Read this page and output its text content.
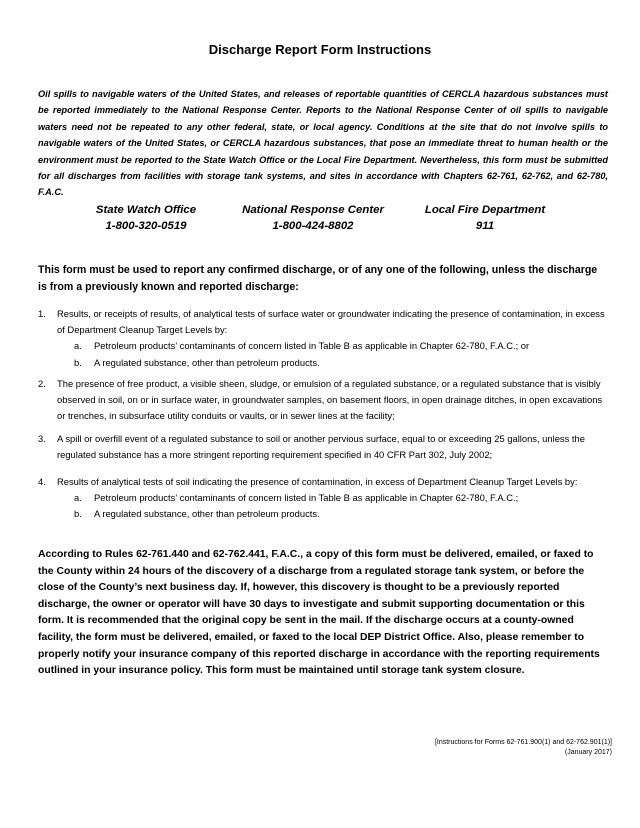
Discharge Report Form Instructions
Oil spills to navigable waters of the United States, and releases of reportable quantities of CERCLA hazardous substances must be reported immediately to the National Response Center. Reports to the National Response Center of oil spills to navigable waters need not be repeated to any other federal, state, or local agency. Conditions at the site that do not involve spills to navigable waters of the United States, or CERCLA hazardous substances, that pose an immediate threat to human health or the environment must be reported to the State Watch Office or the Local Fire Department. Nevertheless, this form must be submitted for all discharges from facilities with storage tank systems, and sites in accordance with Chapters 62-761, 62-762, and 62-780, F.A.C.
State Watch Office
1-800-320-0519
National Response Center
1-800-424-8802
Local Fire Department
911
This form must be used to report any confirmed discharge, or of any one of the following, unless the discharge is from a previously known and reported discharge:
1. Results, or receipts of results, of analytical tests of surface water or groundwater indicating the presence of contamination, in excess of Department Cleanup Target Levels by:
a. Petroleum products’ contaminants of concern listed in Table B as applicable in Chapter 62-780, F.A.C.; or
b. A regulated substance, other than petroleum products.
2. The presence of free product, a visible sheen, sludge, or emulsion of a regulated substance, or a regulated substance that is visibly observed in soil, on or in surface water, in groundwater samples, on basement floors, in open drainage ditches, in open excavations or trenches, in subsurface utility conduits or vaults, or in sewer lines at the facility;
3. A spill or overfill event of a regulated substance to soil or another pervious surface, equal to or exceeding 25 gallons, unless the regulated substance has a more stringent reporting requirement specified in 40 CFR Part 302, July 2002;
4. Results of analytical tests of soil indicating the presence of contamination, in excess of Department Cleanup Target Levels by:
a. Petroleum products’ contaminants of concern listed in Table B as applicable in Chapter 62-780, F.A.C.;
b. A regulated substance, other than petroleum products.
According to Rules 62-761.440 and 62-762.441, F.A.C., a copy of this form must be delivered, emailed, or faxed to the County within 24 hours of the discovery of a discharge from a regulated storage tank system, or before the close of the County’s next business day. If, however, this discovery is thought to be a previously reported discharge, the owner or operator will have 30 days to investigate and submit supporting documentation or this form. It is recommended that the original copy be sent in the mail. If the discharge occurs at a county-owned facility, the form must be delivered, emailed, or faxed to the local DEP District Office. Also, please remember to properly notify your insurance company of this reported discharge in accordance with the reporting requirements outlined in your insurance policy. This form must be maintained until storage tank system closure.
[Instructions for Forms 62-761.900(1) and 62-762.901(1)]
(January 2017)
